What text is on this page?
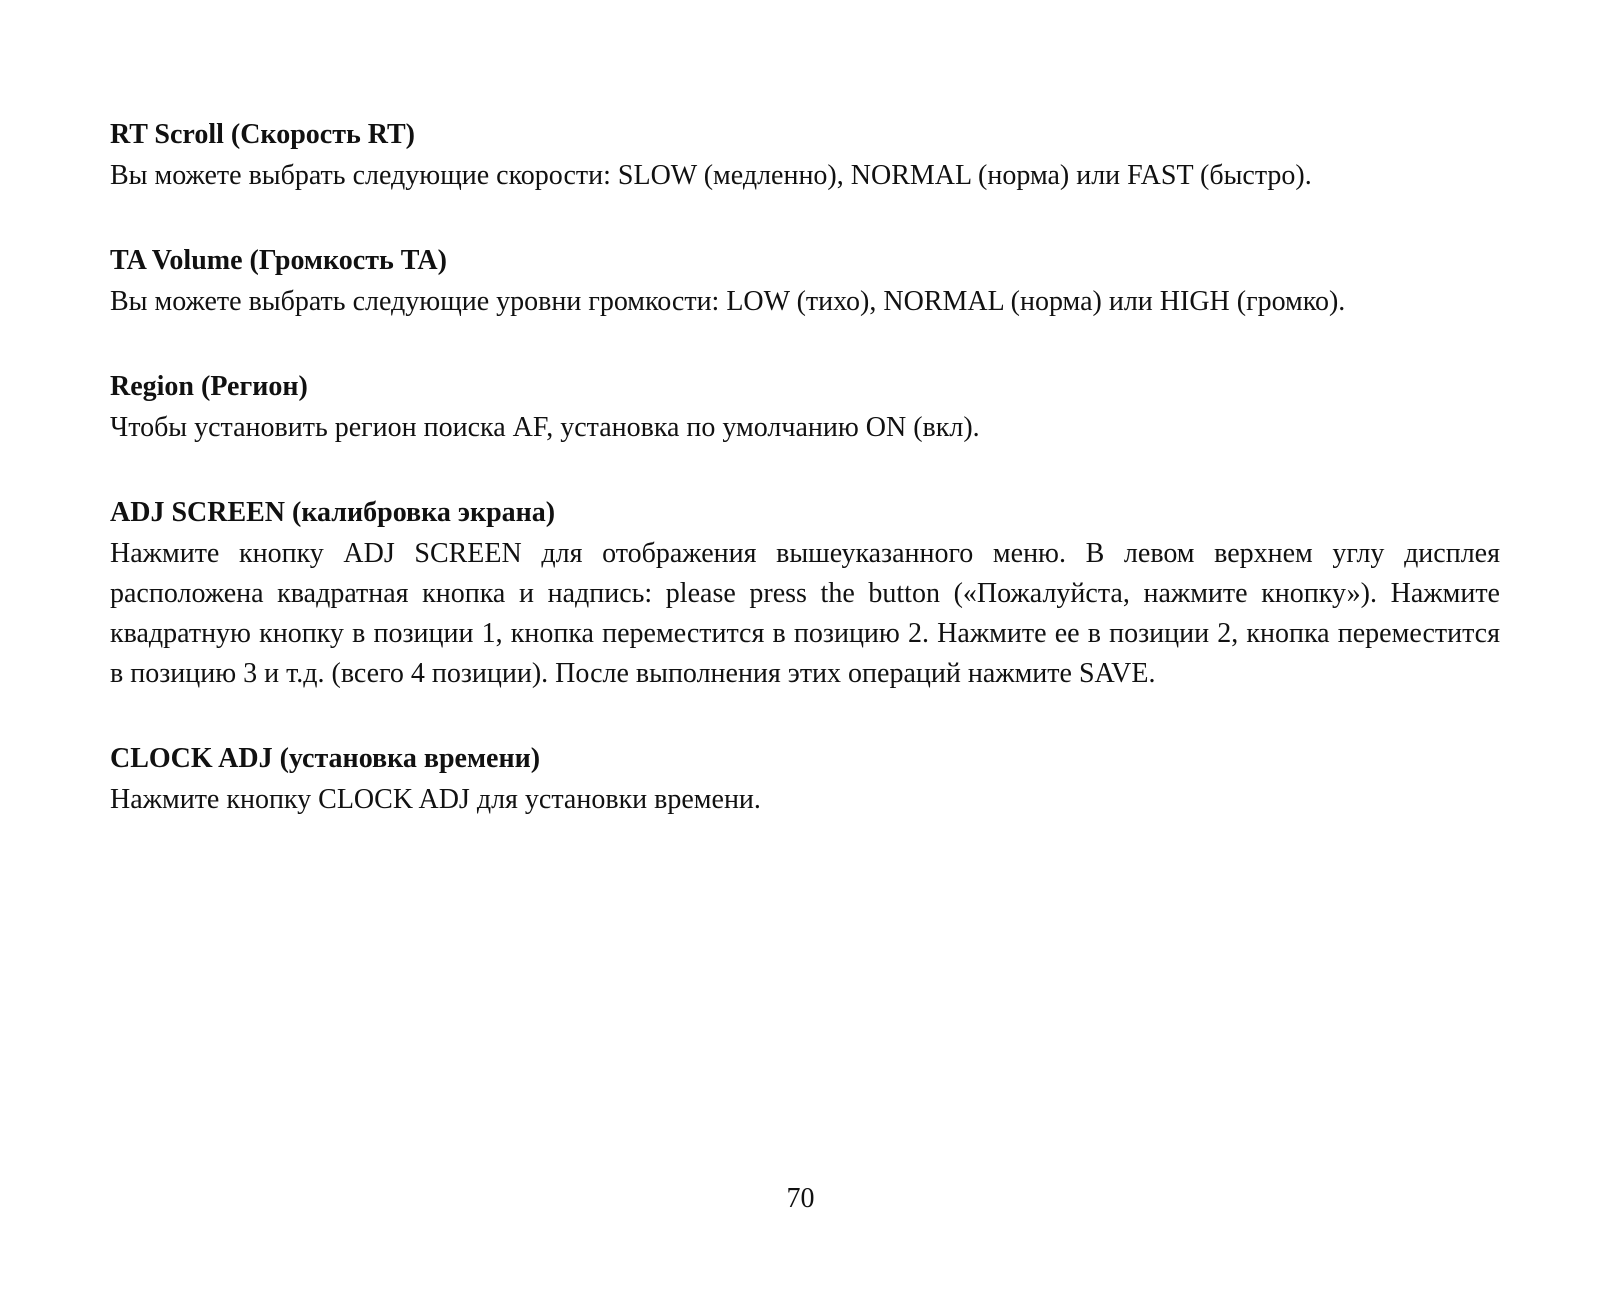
RT Scroll (Скорость RT)

Вы можете выбрать следующие скорости: SLOW (медленно), NORMAL (норма) или FAST (быстро).

TA Volume (Громкость TA)

Вы можете выбрать следующие уровни громкости: LOW (тихо), NORMAL (норма) или HIGH (громко).

Region (Регион)

Чтобы установить регион поиска AF, установка по умолчанию ON (вкл).

ADJ SCREEN (калибровка экрана)

Нажмите кнопку ADJ SCREEN для отображения вышеуказанного меню. В левом верхнем углу дисплея расположена квадратная кнопка и надпись: please press the button («Пожалуйста, нажмите кнопку»). Нажмите квадратную кнопку в позиции 1, кнопка переместится в позицию 2. Нажмите ее в позиции 2, кнопка переместится в позицию 3 и т.д. (всего 4 позиции). После выполнения этих операций нажмите SAVE.

CLOCK ADJ (установка времени)

Нажмите кнопку CLOCK ADJ для установки времени.

70
